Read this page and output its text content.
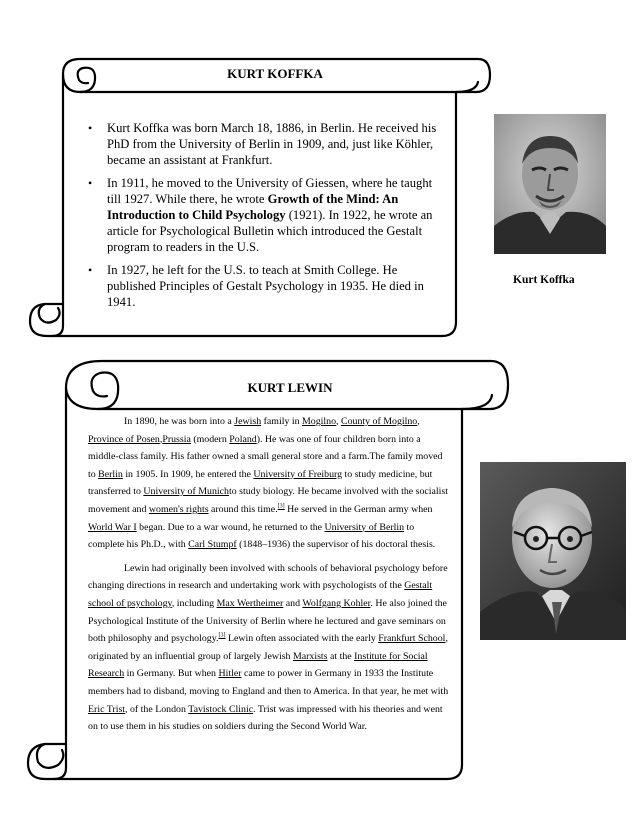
KURT KOFFKA
• Kurt Koffka was born March 18, 1886, in Berlin. He received his PhD from the University of Berlin in 1909, and, just like Köhler, became an assistant at Frankfurt.
• In 1911, he moved to the University of Giessen, where he taught till 1927. While there, he wrote Growth of the Mind: An Introduction to Child Psychology (1921). In 1922, he wrote an article for Psychological Bulletin which introduced the Gestalt program to readers in the U.S.
• In 1927, he left for the U.S. to teach at Smith College. He published Principles of Gestalt Psychology in 1935. He died in 1941.
Kurt Koffka
KURT LEWIN

In 1890, he was born into a Jewish family in Mogilno, County of Mogilno, Province of Posen,Prussia (modern Poland). He was one of four children born into a middle-class family. His father owned a small general store and a farm.The family moved to Berlin in 1905. In 1909, he entered the University of Freiburg to study medicine, but transferred to University of Munichto study biology. He became involved with the socialist movement and women's rights around this time.[3] He served in the German army when World War I began. Due to a war wound, he returned to the University of Berlin to complete his Ph.D., with Carl Stumpf (1848–1936) the supervisor of his doctoral thesis.

Lewin had originally been involved with schools of behavioral psychology before changing directions in research and undertaking work with psychologists of the Gestalt school of psychology, including Max Wertheimer and Wolfgang Kohler. He also joined the Psychological Institute of the University of Berlin where he lectured and gave seminars on both philosophy and psychology.[3] Lewin often associated with the early Frankfurt School, originated by an influential group of largely Jewish Marxists at the Institute for Social Research in Germany. But when Hitler came to power in Germany in 1933 the Institute members had to disband, moving to England and then to America. In that year, he met with Eric Trist, of the London Tavistock Clinic. Trist was impressed with his theories and went on to use them in his studies on soldiers during the Second World War.
